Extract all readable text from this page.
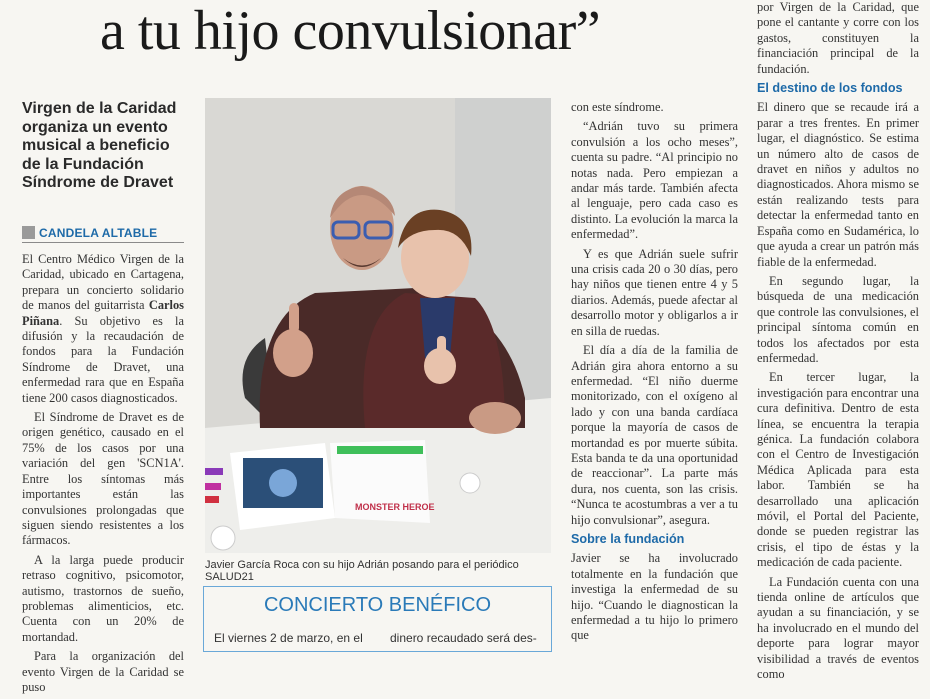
a tu hijo convulsionar”
Virgen de la Caridad organiza un evento musical a beneficio de la Fundación Síndrome de Dravet
CANDELA ALTABLE

El Centro Médico Virgen de la Caridad, ubicado en Cartagena, prepara un concierto solidario de manos del guitarrista Carlos Piñana. Su objetivo es la difusión y la recaudación de fondos para la Fundación Síndrome de Dravet, una enfermedad rara que en España tiene 200 casos diagnosticados.

El Síndrome de Dravet es de origen genético, causado en el 75% de los casos por una variación del gen 'SCN1A'. Entre los síntomas más importantes están las convulsiones prolongadas que siguen siendo resistentes a los fármacos.

A la larga puede producir retraso cognitivo, psicomotor, autismo, trastornos de sueño, problemas alimenticios, etc. Cuenta con un 20% de mortandad.

Para la organización del evento Virgen de la Caridad se puso

MONSTER HEROE
Javier García Roca con su hijo Adrián posando para el periódico SALUD21
CONCIERTO BENÉFICO
El viernes 2 de marzo, en el dinero recaudado será des-

con este síndrome.

“Adrián tuvo su primera convulsión a los ocho meses”, cuenta su padre. “Al principio no notas nada. Pero empiezan a andar más tarde. También afecta al lenguaje, pero cada caso es distinto. La evolución la marca la enfermedad”.

Y es que Adrián suele sufrir una crisis cada 20 o 30 días, pero hay niños que tienen entre 4 y 5 diarios. Además, puede afectar al desarrollo motor y obligarlos a ir en silla de ruedas.

El día a día de la familia de Adrián gira ahora entorno a su enfermedad. “El niño duerme monitorizado, con el oxígeno al lado y con una banda cardíaca porque la mayoría de casos de mortandad es por muerte súbita. Esta banda te da una oportunidad de reaccionar”. La parte más dura, nos cuenta, son las crisis. “Nunca te acostumbras a ver a tu hijo convulsionar”, asegura.

Sobre la fundación

Javier se ha involucrado totalmente en la fundación que investiga la enfermedad de su hijo. “Cuando le diagnostican la enfermedad a tu hijo lo primero que

por Virgen de la Caridad, que pone el cantante y corre con los gastos, constituyen la financiación principal de la fundación.

El destino de los fondos

El dinero que se recaude irá a parar a tres frentes. En primer lugar, el diagnóstico. Se estima un número alto de casos de dravet en niños y adultos no diagnosticados. Ahora mismo se están realizando tests para detectar la enfermedad tanto en España como en Sudamérica, lo que ayuda a crear un patrón más fiable de la enfermedad.

En segundo lugar, la búsqueda de una medicación que controle las convulsiones, el principal síntoma común en todos los afectados por esta enfermedad.

En tercer lugar, la investigación para encontrar una cura definitiva. Dentro de esta línea, se encuentra la terapia génica. La fundación colabora con el Centro de Investigación Médica Aplicada para esta labor. También se ha desarrollado una aplicación móvil, el Portal del Paciente, donde se pueden registrar las crisis, el tipo de éstas y la medicación de cada paciente.

La Fundación cuenta con una tienda online de artículos que ayudan a su financiación, y se ha involucrado en el mundo del deporte para lograr mayor visibilidad a través de eventos como
